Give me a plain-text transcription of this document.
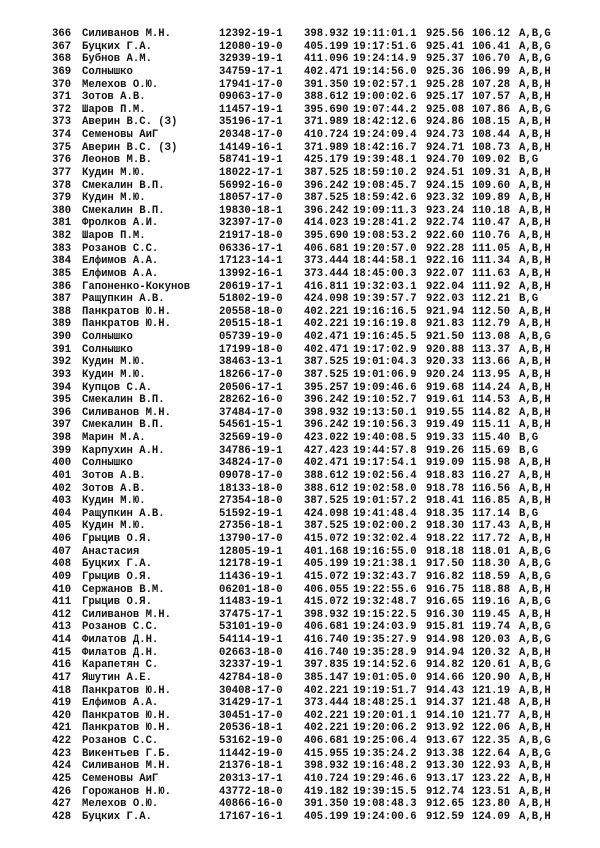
366 Силиванов М.Н.	12392-19-1 398.932 19:11:01.1 925.56 106.12 A,B,G
367 Буцких Г.А.	12080-19-0 405.199 19:17:51.6 925.41 106.41 A,B,G
368 Бубнов А.М.	32939-19-1 411.096 19:24:14.9 925.37 106.70 A,B,G
369 Солнышко	34759-17-1 402.471 19:14:56.0 925.36 106.99 A,B,H
370 Мелехов О.Ю.	17941-17-0 391.350 19:02:57.1 925.28 107.28 A,B,H
371 Зотов А.В.	09063-17-0 388.612 19:00:02.6 925.17 107.57 A,B,H
372 Шаров П.М.	11457-19-1 395.690 19:07:44.2 925.08 107.86 A,B,G
373 Аверин В.С. (З)	35196-17-1 371.989 18:42:12.6 924.86 108.15 A,B,H
374 Семеновы АиГ	20348-17-0 410.724 19:24:09.4 924.73 108.44 A,B,H
375 Аверин В.С. (З)	14149-16-1 371.989 18:42:16.7 924.71 108.73 A,B,H
376 Леонов М.В.	58741-19-1 425.179 19:39:48.1 924.70 109.02 B,G
377 Кудин М.Ю.	18022-17-1 387.525 18:59:10.2 924.51 109.31 A,B,H
378 Смекалин В.П.	56992-16-0 396.242 19:08:45.7 924.15 109.60 A,B,H
379 Кудин М.Ю.	18057-17-0 387.525 18:59:42.6 923.32 109.89 A,B,H
380 Смекалин В.П.	19830-18-1 396.242 19:09:11.3 923.24 110.18 A,B,H
381 Фролков А.И.	32397-17-0 414.023 19:28:41.2 922.74 110.47 A,B,H
382 Шаров П.М.	21917-18-0 395.690 19:08:53.2 922.60 110.76 A,B,H
383 Розанов С.С.	06336-17-1 406.681 19:20:57.0 922.28 111.05 A,B,H
384 Елфимов А.А.	17123-14-1 373.444 18:44:58.1 922.16 111.34 A,B,H
385 Елфимов А.А.	13992-16-1 373.444 18:45:00.3 922.07 111.63 A,B,H
386 Гапоненко-Кокунов	20619-17-1 416.811 19:32:03.1 922.04 111.92 A,B,H
387 Ращупкин А.В.	51802-19-0 424.098 19:39:57.7 922.03 112.21 B,G
388 Панкратов Ю.Н.	20558-18-0 402.221 19:16:16.5 921.94 112.50 A,B,H
389 Панкратов Ю.Н.	20515-18-1 402.221 19:16:19.8 921.83 112.79 A,B,H
390 Солнышко	05739-19-0 402.471 19:16:45.5 921.50 113.08 A,B,G
391 Солнышко	17199-18-0 402.471 19:17:02.9 920.88 113.37 A,B,H
392 Кудин М.Ю.	38463-13-1 387.525 19:01:04.3 920.33 113.66 A,B,H
393 Кудин М.Ю.	18266-17-0 387.525 19:01:06.9 920.24 113.95 A,B,H
394 Купцов С.А.	20506-17-1 395.257 19:09:46.6 919.68 114.24 A,B,H
395 Смекалин В.П.	28262-16-0 396.242 19:10:52.7 919.61 114.53 A,B,H
396 Силиванов М.Н.	37484-17-0 398.932 19:13:50.1 919.55 114.82 A,B,H
397 Смекалин В.П.	54561-15-1 396.242 19:10:56.3 919.49 115.11 A,B,H
398 Марин М.А.	32569-19-0 423.022 19:40:08.5 919.33 115.40 B,G
399 Карпухин А.Н.	34786-19-1 427.423 19:44:57.8 919.26 115.69 B,G
400 Солнышко	34824-17-0 402.471 19:17:54.1 919.09 115.98 A,B,H
401 Зотов А.В.	09078-17-0 388.612 19:02:56.4 918.83 116.27 A,B,H
402 Зотов А.В.	18133-18-0 388.612 19:02:58.0 918.78 116.56 A,B,H
403 Кудин М.Ю.	27354-18-0 387.525 19:01:57.2 918.41 116.85 A,B,H
404 Ращупкин А.В.	51592-19-1 424.098 19:41:48.4 918.35 117.14 B,G
405 Кудин М.Ю.	27356-18-1 387.525 19:02:00.2 918.30 117.43 A,B,H
406 Грыцив О.Я.	13790-17-0 415.072 19:32:02.4 918.22 117.72 A,B,H
407 Анастасия	12805-19-1 401.168 19:16:55.0 918.18 118.01 A,B,G
408 Буцких Г.А.	12178-19-1 405.199 19:21:38.1 917.50 118.30 A,B,G
409 Грыцив О.Я.	11436-19-1 415.072 19:32:43.7 916.82 118.59 A,B,G
410 Сержанов В.М.	06201-18-0 406.055 19:22:55.6 916.75 118.88 A,B,H
411 Грыцив О.Я.	11483-19-1 415.072 19:32:48.7 916.65 119.16 A,B,G
412 Силиванов М.Н.	37475-17-1 398.932 19:15:22.5 916.30 119.45 A,B,H
413 Розанов С.С.	53101-19-0 406.681 19:24:03.9 915.81 119.74 A,B,G
414 Филатов Д.Н.	54114-19-1 416.740 19:35:27.9 914.98 120.03 A,B,G
415 Филатов Д.Н.	02663-18-0 416.740 19:35:28.9 914.94 120.32 A,B,H
416 Карапетян С.	32337-19-1 397.835 19:14:52.6 914.82 120.61 A,B,G
417 Яшутин А.Е.	42784-18-0 385.147 19:01:05.0 914.66 120.90 A,B,H
418 Панкратов Ю.Н.	30408-17-0 402.221 19:19:51.7 914.43 121.19 A,B,H
419 Елфимов А.А.	31429-17-1 373.444 18:48:25.1 914.37 121.48 A,B,H
420 Панкратов Ю.Н.	30451-17-0 402.221 19:20:01.1 914.10 121.77 A,B,H
421 Панкратов Ю.Н.	20536-18-1 402.221 19:20:06.2 913.92 122.06 A,B,H
422 Розанов С.С.	53162-19-0 406.681 19:25:06.4 913.67 122.35 A,B,G
423 Викентьев Г.Б.	11442-19-0 415.955 19:35:24.2 913.38 122.64 A,B,G
424 Силиванов М.Н.	21376-18-1 398.932 19:16:48.2 913.30 122.93 A,B,H
425 Семеновы АиГ	20313-17-1 410.724 19:29:46.6 913.17 123.22 A,B,H
426 Горожанов Н.Ю.	43772-18-0 419.182 19:39:15.5 912.74 123.51 A,B,H
427 Мелехов О.Ю.	40866-16-0 391.350 19:08:48.3 912.65 123.80 A,B,H
428 Буцких Г.А.	17167-16-1 405.199 19:24:00.6 912.59 124.09 A,B,H
